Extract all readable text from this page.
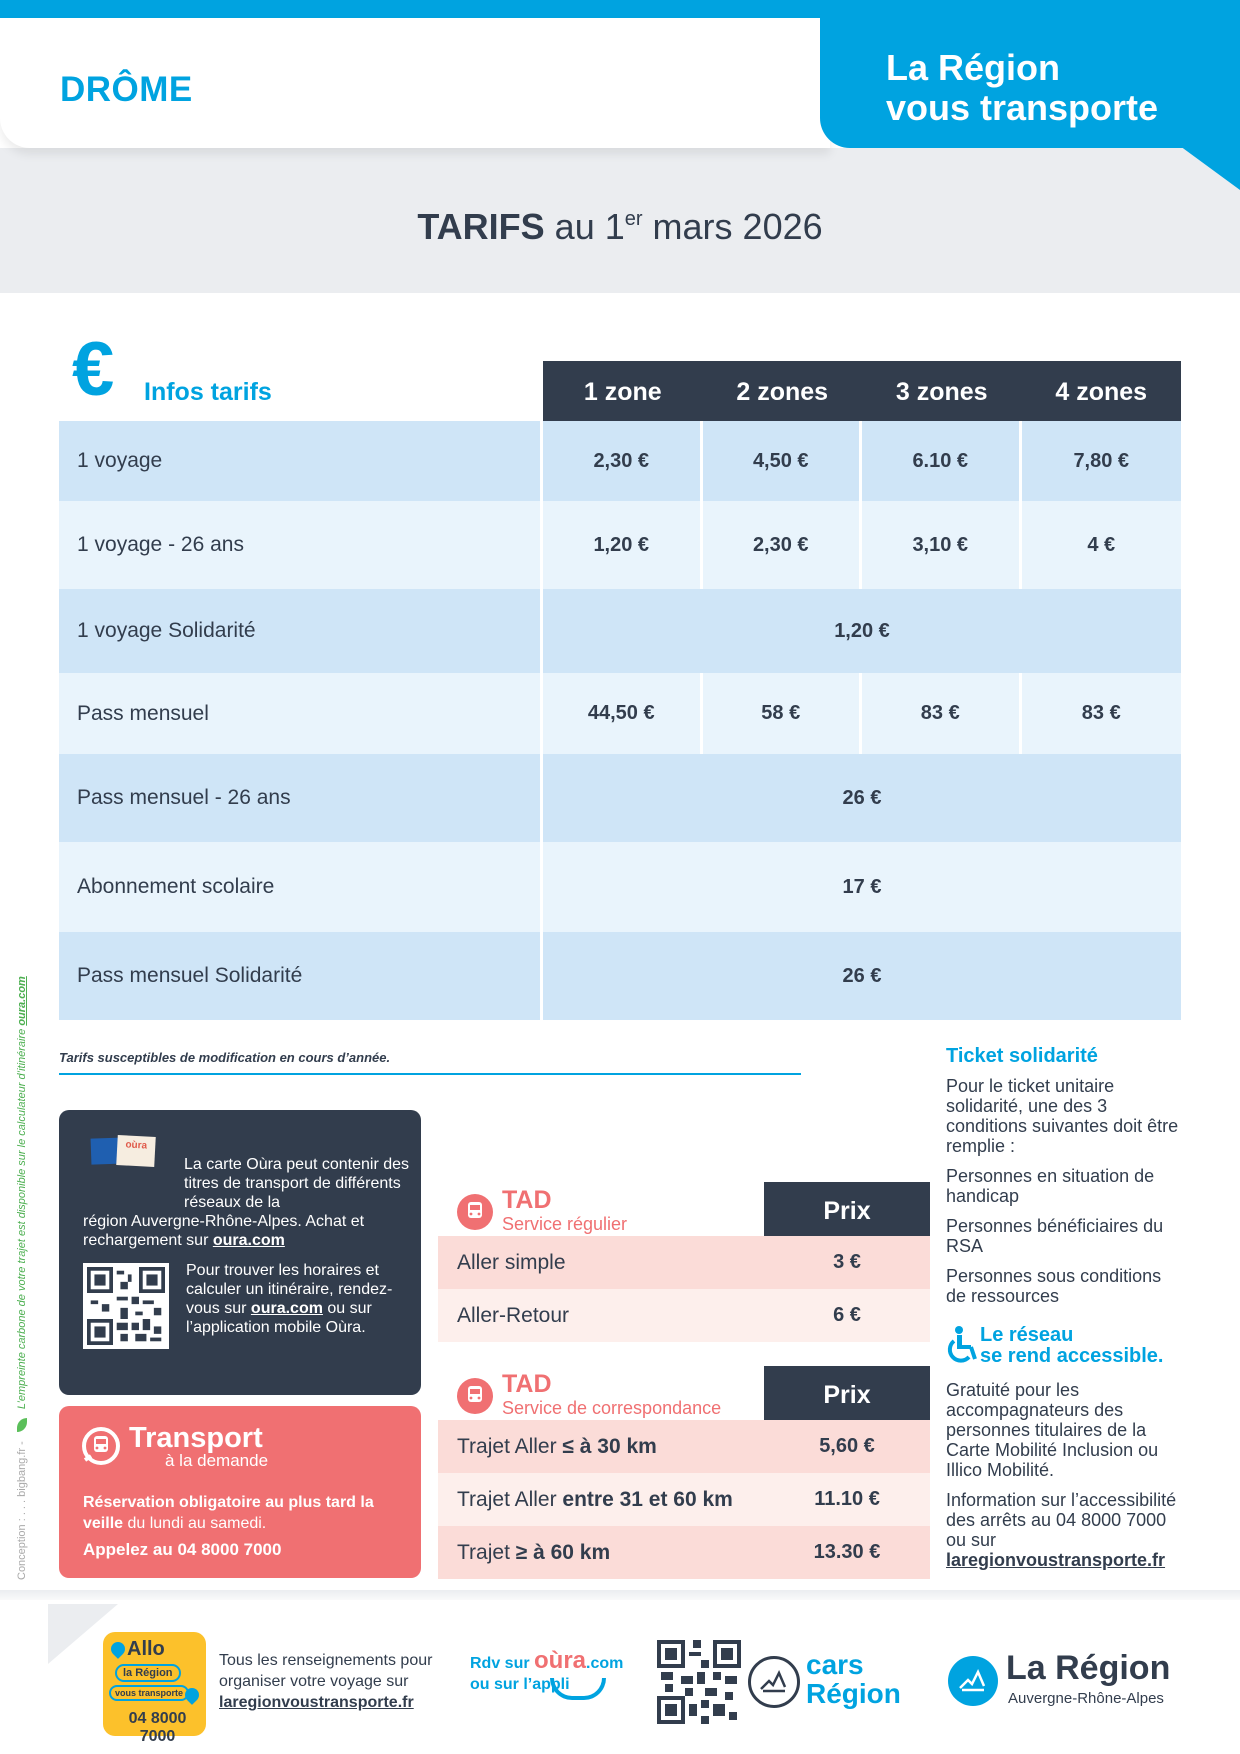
DRÔME
La Région
vous transporte
TARIFS au 1er mars 2026
€ Infos tarifs	1 zone	2 zones	3 zones	4 zones
1 voyage	2,30 €	4,50 €	6.10 €	7,80 €
1 voyage - 26 ans	1,20 €	2,30 €	3,10 €	4 €
1 voyage Solidarité	1,20 €
Pass mensuel	44,50 €	58 €	83 €	83 €
Pass mensuel - 26 ans	26 €
Abonnement scolaire	17 €
Pass mensuel Solidarité	26 €
Tarifs susceptibles de modification en cours d’année.
oùra
La carte Oùra peut contenir des titres de transport de différents réseaux de la
région Auvergne-Rhône-Alpes. Achat et rechargement sur oura.com
Pour trouver les horaires et calculer un itinéraire, rendez-vous sur oura.com ou sur l’application mobile Oùra.
Transport
à la demande
Réservation obligatoire au plus tard la veille du lundi au samedi.
Appelez au 04 8000 7000
TAD
Service régulier	Prix
Aller simple	3 €
Aller-Retour	6 €
TAD
Service de correspondance	Prix
Trajet Aller ≤ à 30 km	5,60 €
Trajet Aller entre 31 et 60 km	11.10 €
Trajet ≥ à 60 km	13.30 €
Ticket solidarité
Pour le ticket unitaire solidarité, une des 3 conditions suivantes doit être remplie :
Personnes en situation de handicap
Personnes bénéficiaires du RSA
Personnes sous conditions de ressources
Le réseau
se rend accessible.
Gratuité pour les accompagnateurs des personnes titulaires de la Carte Mobilité Inclusion ou Illico Mobilité.
Information sur l’accessibilité des arrêts au 04 8000 7000 ou sur laregionvoustransporte.fr
Conception : . . . bigbang.fr -  L’empreinte carbone de votre trajet est disponible sur le calculateur d’itinéraire oura.com
Allo
la Région
vous transporte
04 8000 7000
Tous les renseignements pour organiser votre voyage sur laregionvoustransporte.fr
Rdv sur oùra.com
ou sur l’appli
cars
Région
La Région
Auvergne-Rhône-Alpes
